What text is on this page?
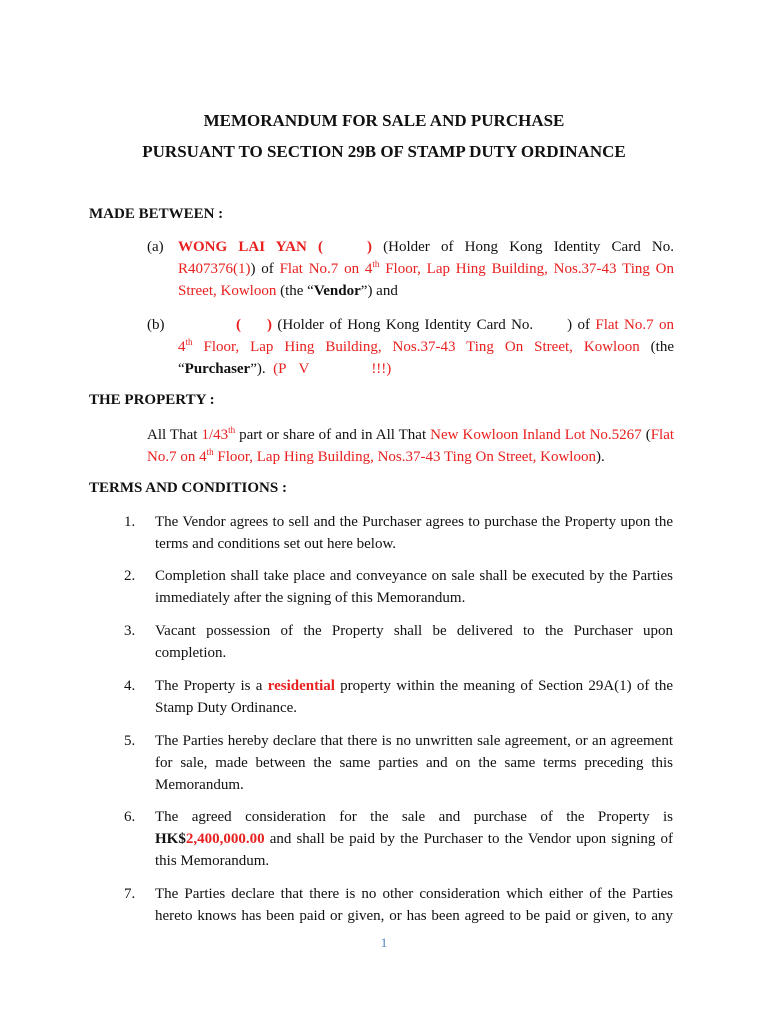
MEMORANDUM FOR SALE AND PURCHASE
PURSUANT TO SECTION 29B OF STAMP DUTY ORDINANCE

MADE BETWEEN :

(a) WONG LAI YAN (	) (Holder of Hong Kong Identity Card No. R407376(1)) of Flat No.7 on 4th Floor, Lap Hing Building, Nos.37-43 Ting On Street, Kowloon (the “Vendor”) and
(b)	( ) (Holder of Hong Kong Identity Card No. ) of Flat No.7 on 4th Floor, Lap Hing Building, Nos.37-43 Ting On Street, Kowloon (the “Purchaser”). (P V	!!!)

THE PROPERTY :

All That 1/43th part or share of and in All That New Kowloon Inland Lot No.5267 (Flat No.7 on 4th Floor, Lap Hing Building, Nos.37-43 Ting On Street, Kowloon).

TERMS AND CONDITIONS :

1. The Vendor agrees to sell and the Purchaser agrees to purchase the Property upon the terms and conditions set out here below.
2. Completion shall take place and conveyance on sale shall be executed by the Parties immediately after the signing of this Memorandum.
3. Vacant possession of the Property shall be delivered to the Purchaser upon completion.
4. The Property is a residential property within the meaning of Section 29A(1) of the Stamp Duty Ordinance.
5. The Parties hereby declare that there is no unwritten sale agreement, or an agreement for sale, made between the same parties and on the same terms preceding this Memorandum.
6. The agreed consideration for the sale and purchase of the Property is HK$2,400,000.00 and shall be paid by the Purchaser to the Vendor upon signing of this Memorandum.
7. The Parties declare that there is no other consideration which either of the Parties hereto knows has been paid or given, or has been agreed to be paid or given, to any
1
